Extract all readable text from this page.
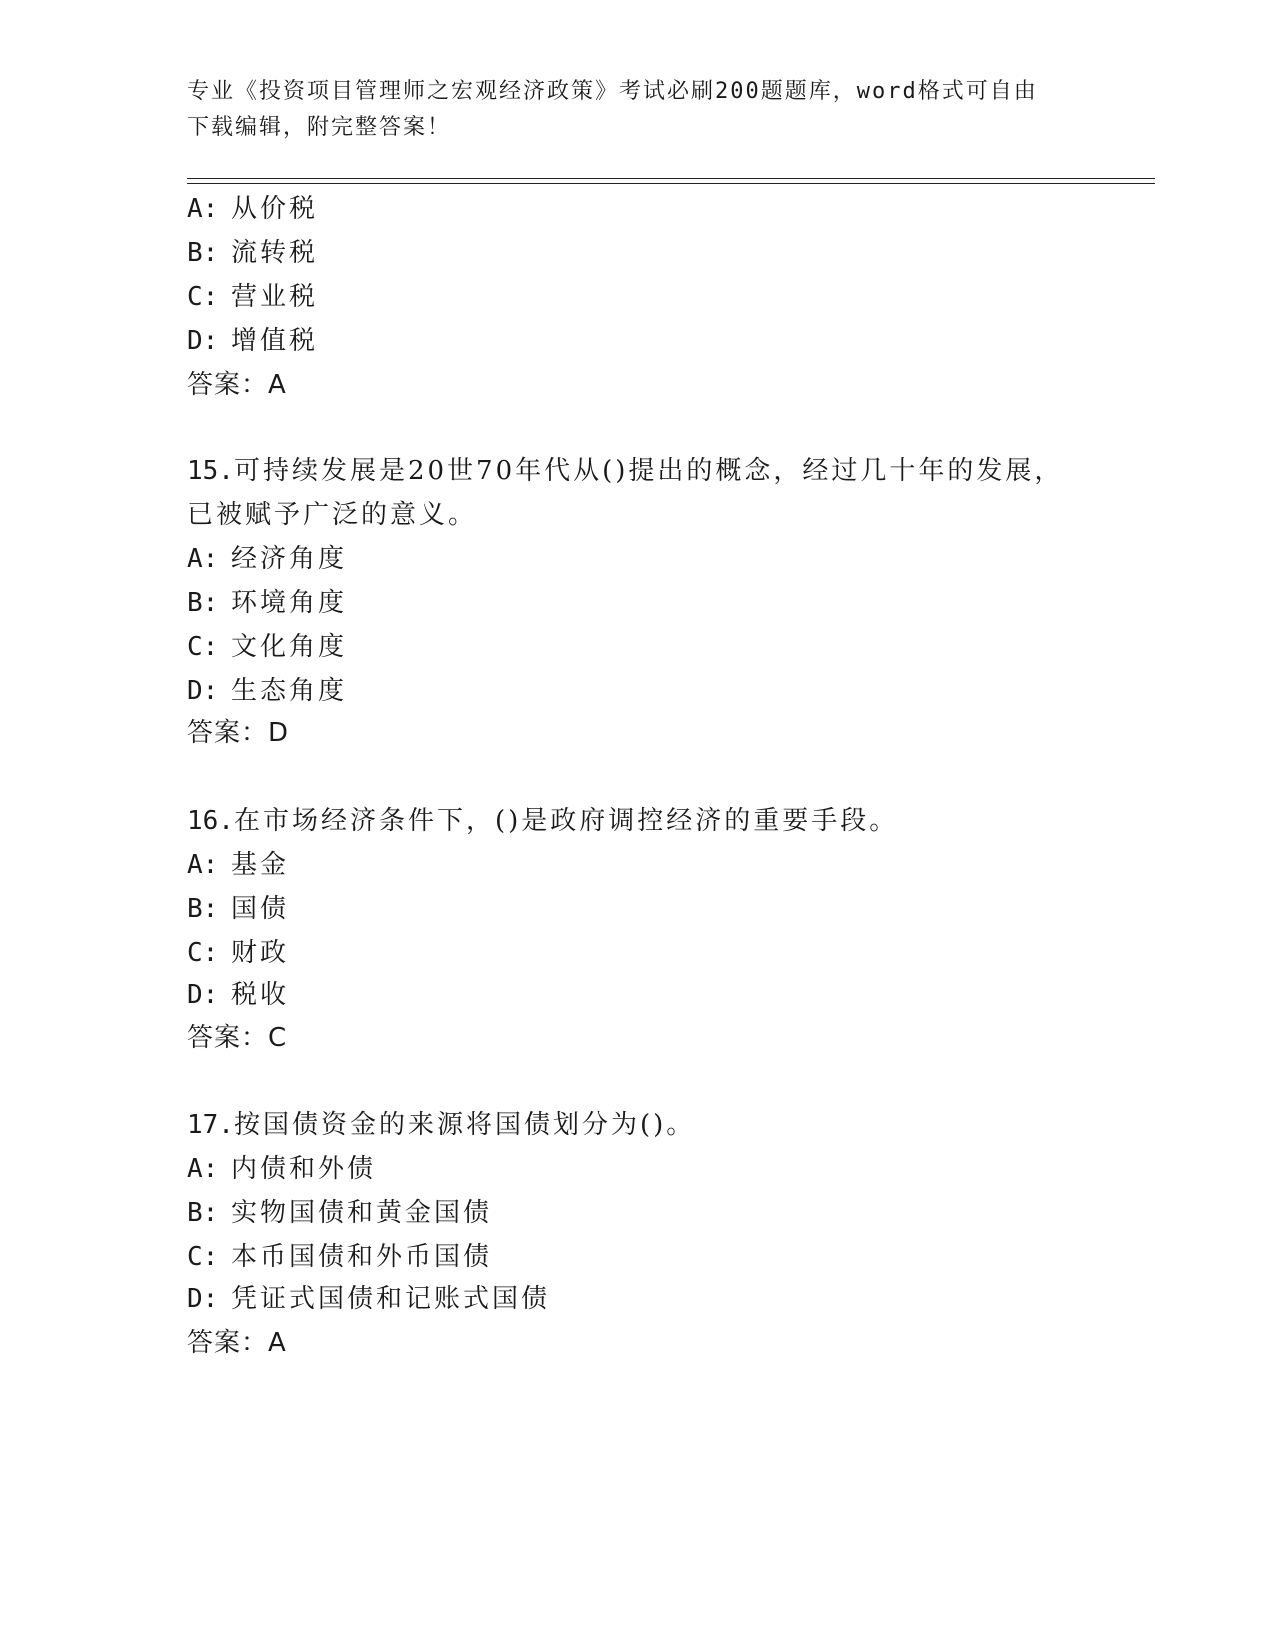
专业《投资项目管理师之宏观经济政策》考试必刷200题题库，word格式可自由
下载编辑，附完整答案！
A: 从价税
B: 流转税
C: 营业税
D: 增值税
答案：A
15.可持续发展是20世70年代从()提出的概念，经过几十年的发展，
已被赋予广泛的意义。
A: 经济角度
B: 环境角度
C: 文化角度
D: 生态角度
答案：D
16.在市场经济条件下，()是政府调控经济的重要手段。
A: 基金
B: 国债
C: 财政
D: 税收
答案：C
17.按国债资金的来源将国债划分为()。
A: 内债和外债
B: 实物国债和黄金国债
C: 本币国债和外币国债
D: 凭证式国债和记账式国债
答案：A
